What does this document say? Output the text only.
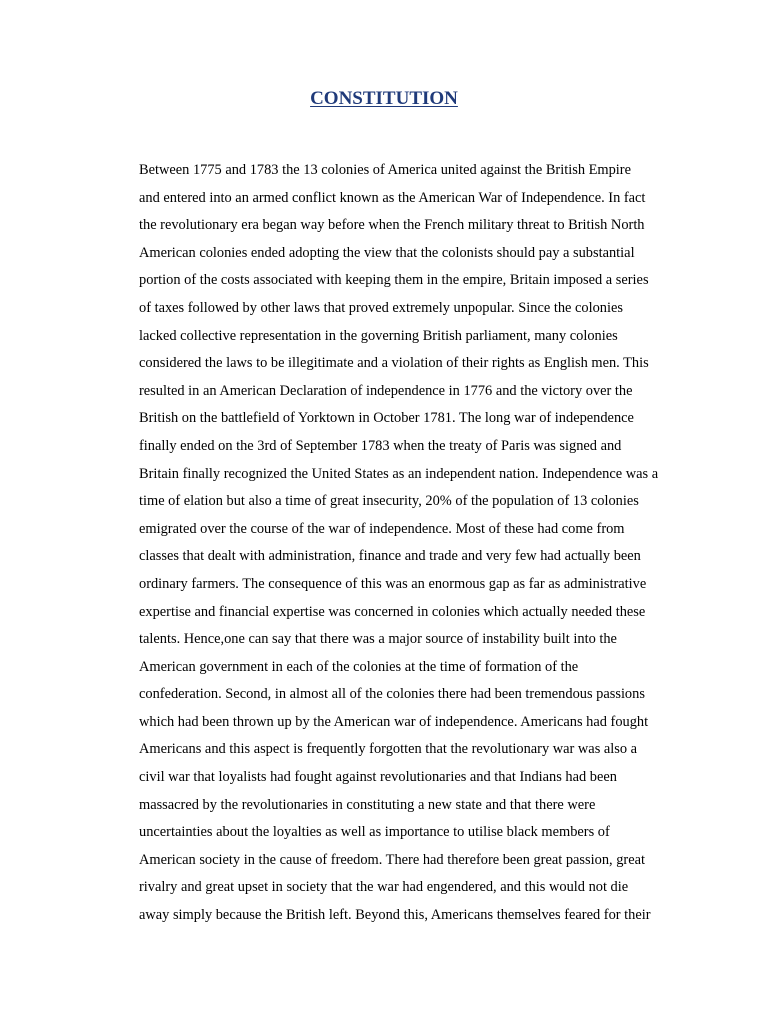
CONSTITUTION
Between 1775 and 1783 the 13 colonies of America united against the British Empire
and entered into an armed conflict known as the American War of Independence. In fact
the revolutionary era began way before when the French military threat to British North
American colonies ended adopting the view that the colonists should pay a substantial
portion of the costs associated with keeping them in the empire, Britain imposed a series
of taxes followed by other laws that proved extremely unpopular. Since the colonies
lacked collective representation in the governing British parliament, many colonies
considered the laws to be illegitimate and a violation of their rights as English men. This
resulted in an American Declaration of independence in 1776 and the victory over the
British on the battlefield of Yorktown in October 1781. The long war of independence
finally ended on the 3rd of September 1783 when the treaty of Paris was signed and
Britain finally recognized the United States as an independent nation. Independence was a
time of elation but also a time of great insecurity, 20% of the population of 13 colonies
emigrated over the course of the war of independence. Most of these had come from
classes that dealt with administration, finance and trade and very few had actually been
ordinary farmers. The consequence of this was an enormous gap as far as administrative
expertise and financial expertise was concerned in colonies which actually needed these
talents. Hence,one can say that there was a major source of instability built into the
American government in each of the colonies at the time of formation of the
confederation. Second, in almost all of the colonies there had been tremendous passions
which had been thrown up by the American war of independence. Americans had fought
Americans and this aspect is frequently forgotten that the revolutionary war was also a
civil war that loyalists had fought against revolutionaries and that Indians had been
massacred by the revolutionaries in constituting a new state and that there were
uncertainties about the loyalties as well as importance to utilise black members of
American society in the cause of freedom. There had therefore been great passion, great
rivalry and great upset in society that the war had engendered, and this would not die
away simply because the British left. Beyond this, Americans themselves feared for their
